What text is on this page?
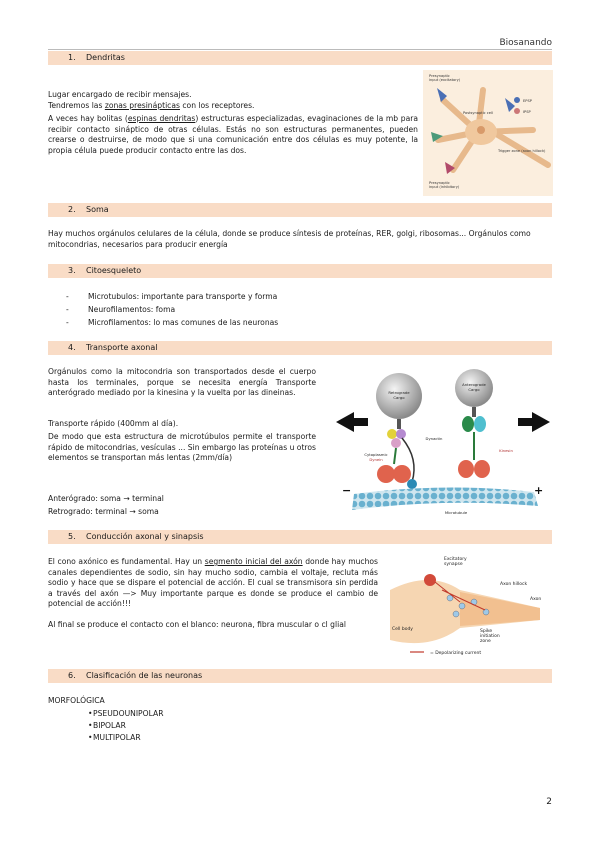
Biosanando
1. Dendritas

Lugar encargado de recibir mensajes.

Tendremos las zonas presinápticas con los receptores.

A veces hay bolitas (espinas dendritas) estructuras especializadas, evaginaciones de la mb para recibir contacto sináptico de otras células. Estás no son estructuras permanentes, pueden crearse o destruirse, de modo que si una comunicación entre dos células es muy potente, la propia célula puede producir contacto entre las dos.

Presynaptic
input (excitatory)
EPSP
IPSP
Postsynaptic cell
Trigger zone (axon hillock)
Presynaptic
input (inhibitory)
2. Soma

Hay muchos orgánulos celulares de la célula, donde se produce síntesis de proteínas, RER, golgi, ribosomas... Orgánulos como mitocondrias, necesarios para producir energía

3. Citoesqueleto
-	Microtubulos: importante para transporte y forma
-	Neurofilamentos: foma
-	Microfilamentos: lo mas comunes de las neuronas
4. Transporte axonal

Orgánulos como la mitocondria son transportados desde el cuerpo hasta los terminales, porque se necesita energía Transporte anterógrado mediado por la kinesina y la vuelta por las dineinas.

Transporte rápido (400mm al día).

De modo que esta estructura de microtúbulos permite el transporte rápido de mitocondrias, vesículas ... Sin embargo las proteínas u otros elementos se transportan más lentas (2mm/día)

Anterógrado: soma → terminal

Retrogrado: terminal → soma

Retrograde
Cargo
Anterograde
Cargo
Dynactin
Cytoplasmic
Dynein
Kinesin
Microtubule
−	+
5. Conducción axonal y sinapsis

El cono axónico es fundamental. Hay un segmento inicial del axón donde hay muchos canales dependientes de sodio, sin hay mucho sodio, cambia el voltaje, recluta más sodio y hace que se dispare el potencial de acción. El cual se transmisora sin perdida a través del axón —> Muy importante parque es donde se produce el cambio de potencial de acción!!!

Al final se produce el contacto con el blanco: neurona, fibra muscular o cl glial

Excitatory
synapse
Axon hillock
Axon
Cell body	Spike
initiation
zone
= Depolarizing current
6. Clasificación de las neuronas

MORFOLÓGICA

• PSEUDOUNIPOLAR
• BIPOLAR
• MULTIPOLAR
2
